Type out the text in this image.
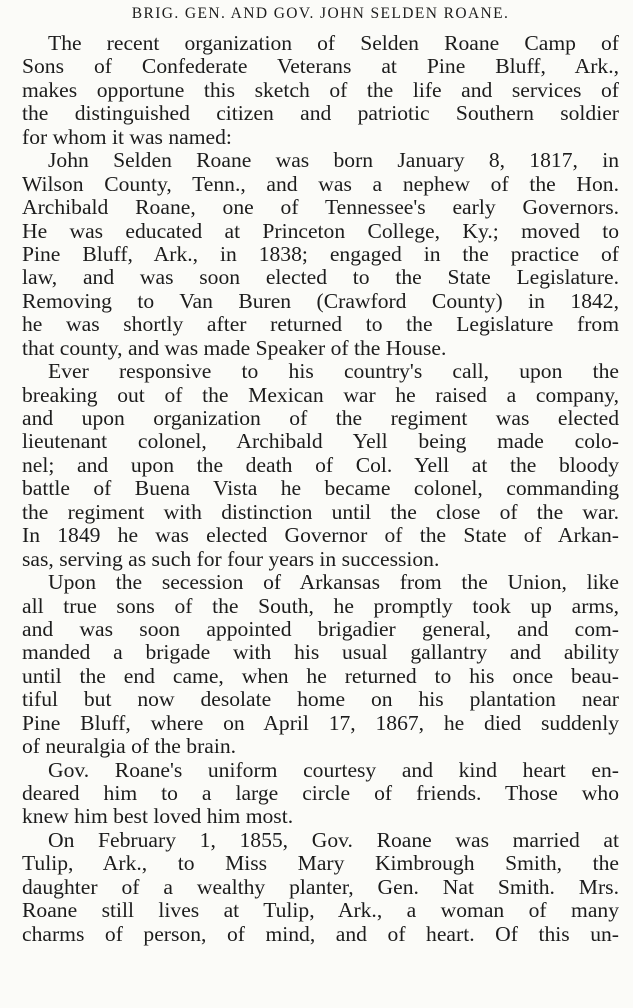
BRIG. GEN. AND GOV. JOHN SELDEN ROANE.
The recent organization of Selden Roane Camp of
Sons of Confederate Veterans at Pine Bluff, Ark.,
makes opportune this sketch of the life and services of
the distinguished citizen and patriotic Southern soldier
for whom it was named:
John Selden Roane was born January 8, 1817, in
Wilson County, Tenn., and was a nephew of the Hon.
Archibald Roane, one of Tennessee's early Governors.
He was educated at Princeton College, Ky.; moved to
Pine Bluff, Ark., in 1838; engaged in the practice of
law, and was soon elected to the State Legislature.
Removing to Van Buren (Crawford County) in 1842,
he was shortly after returned to the Legislature from
that county, and was made Speaker of the House.
Ever responsive to his country's call, upon the
breaking out of the Mexican war he raised a company,
and upon organization of the regiment was elected
lieutenant colonel, Archibald Yell being made colo-
nel; and upon the death of Col. Yell at the bloody
battle of Buena Vista he became colonel, commanding
the regiment with distinction until the close of the war.
In 1849 he was elected Governor of the State of Arkan-
sas, serving as such for four years in succession.
Upon the secession of Arkansas from the Union, like
all true sons of the South, he promptly took up arms,
and was soon appointed brigadier general, and com-
manded a brigade with his usual gallantry and ability
until the end came, when he returned to his once beau-
tiful but now desolate home on his plantation near
Pine Bluff, where on April 17, 1867, he died suddenly
of neuralgia of the brain.
Gov. Roane's uniform courtesy and kind heart en-
deared him to a large circle of friends. Those who
knew him best loved him most.
On February 1, 1855, Gov. Roane was married at
Tulip, Ark., to Miss Mary Kimbrough Smith, the
daughter of a wealthy planter, Gen. Nat Smith. Mrs.
Roane still lives at Tulip, Ark., a woman of many
charms of person, of mind, and of heart. Of this un-
